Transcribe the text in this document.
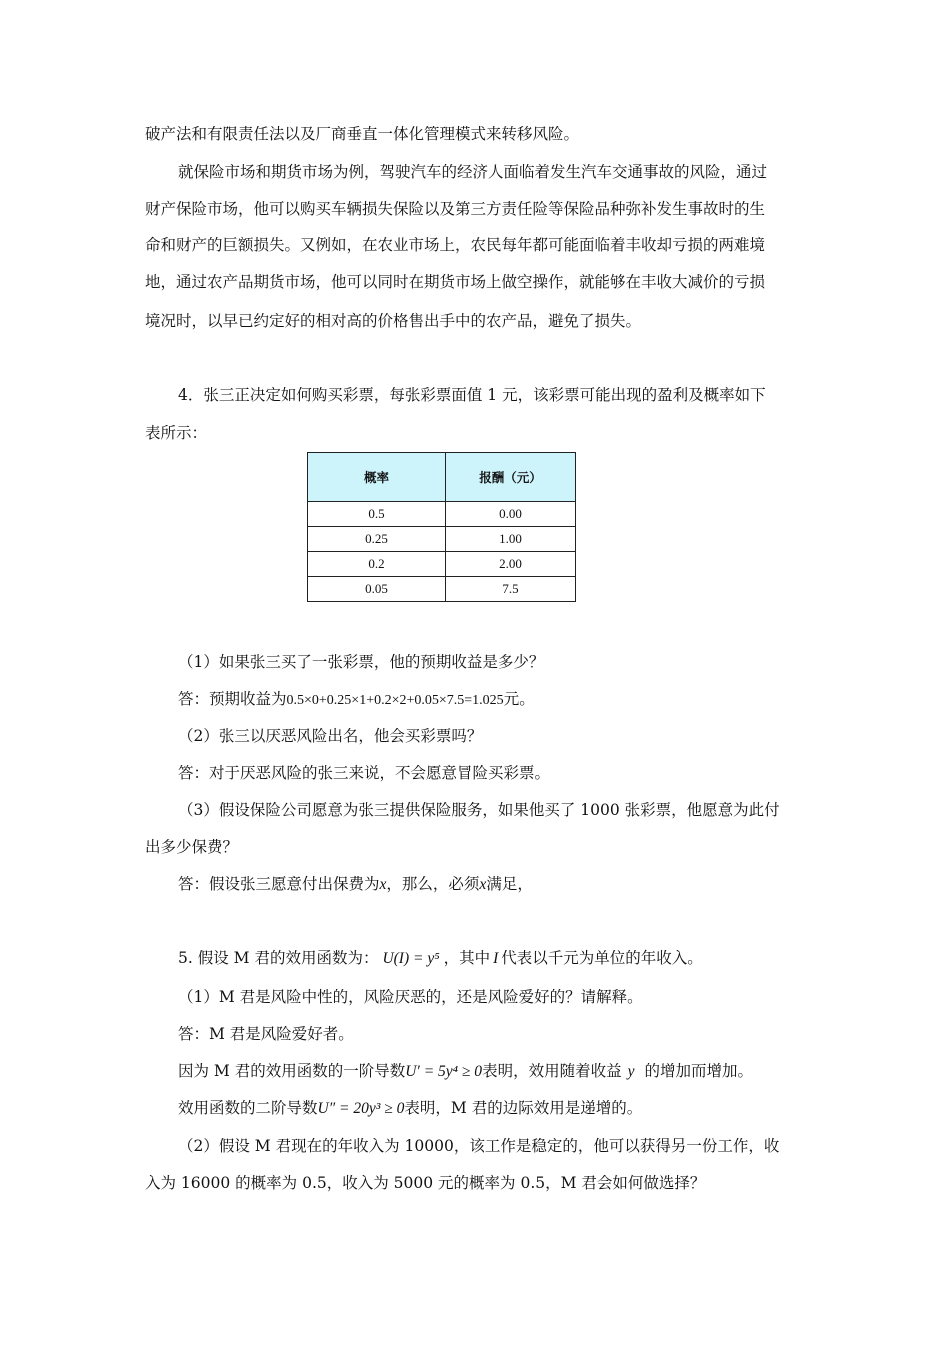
破产法和有限责任法以及厂商垂直一体化管理模式来转移风险。
就保险市场和期货市场为例，驾驶汽车的经济人面临着发生汽车交通事故的风险，通过
财产保险市场，他可以购买车辆损失保险以及第三方责任险等保险品种弥补发生事故时的生
命和财产的巨额损失。又例如，在农业市场上，农民每年都可能面临着丰收却亏损的两难境
地，通过农产品期货市场，他可以同时在期货市场上做空操作，就能够在丰收大减价的亏损
境况时，以早已约定好的相对高的价格售出手中的农产品，避免了损失。
4．张三正决定如何购买彩票，每张彩票面值 1 元，该彩票可能出现的盈利及概率如下
表所示：
概率	报酬（元）
0.5	0.00
0.25	1.00
0.2	2.00
0.05	7.5
（1）如果张三买了一张彩票，他的预期收益是多少？
答：预期收益为0.5×0+0.25×1+0.2×2+0.05×7.5=1.025元。
（2）张三以厌恶风险出名，他会买彩票吗？
答：对于厌恶风险的张三来说，不会愿意冒险买彩票。
（3）假设保险公司愿意为张三提供保险服务，如果他买了 1000 张彩票，他愿意为此付
出多少保费？
答：假设张三愿意付出保费为x，那么，必须x满足，
5. 假设 M 君的效用函数为： U(I) = y⁵ ，其中 I 代表以千元为单位的年收入。
（1）M 君是风险中性的，风险厌恶的，还是风险爱好的？请解释。
答：M 君是风险爱好者。
因为 M 君的效用函数的一阶导数U′ = 5y⁴ ≥ 0表明，效用随着收益 y 的增加而增加。
效用函数的二阶导数U″ = 20y³ ≥ 0表明，M 君的边际效用是递增的。
（2）假设 M 君现在的年收入为 10000，该工作是稳定的，他可以获得另一份工作，收
入为 16000 的概率为 0.5，收入为 5000 元的概率为 0.5，M 君会如何做选择？
